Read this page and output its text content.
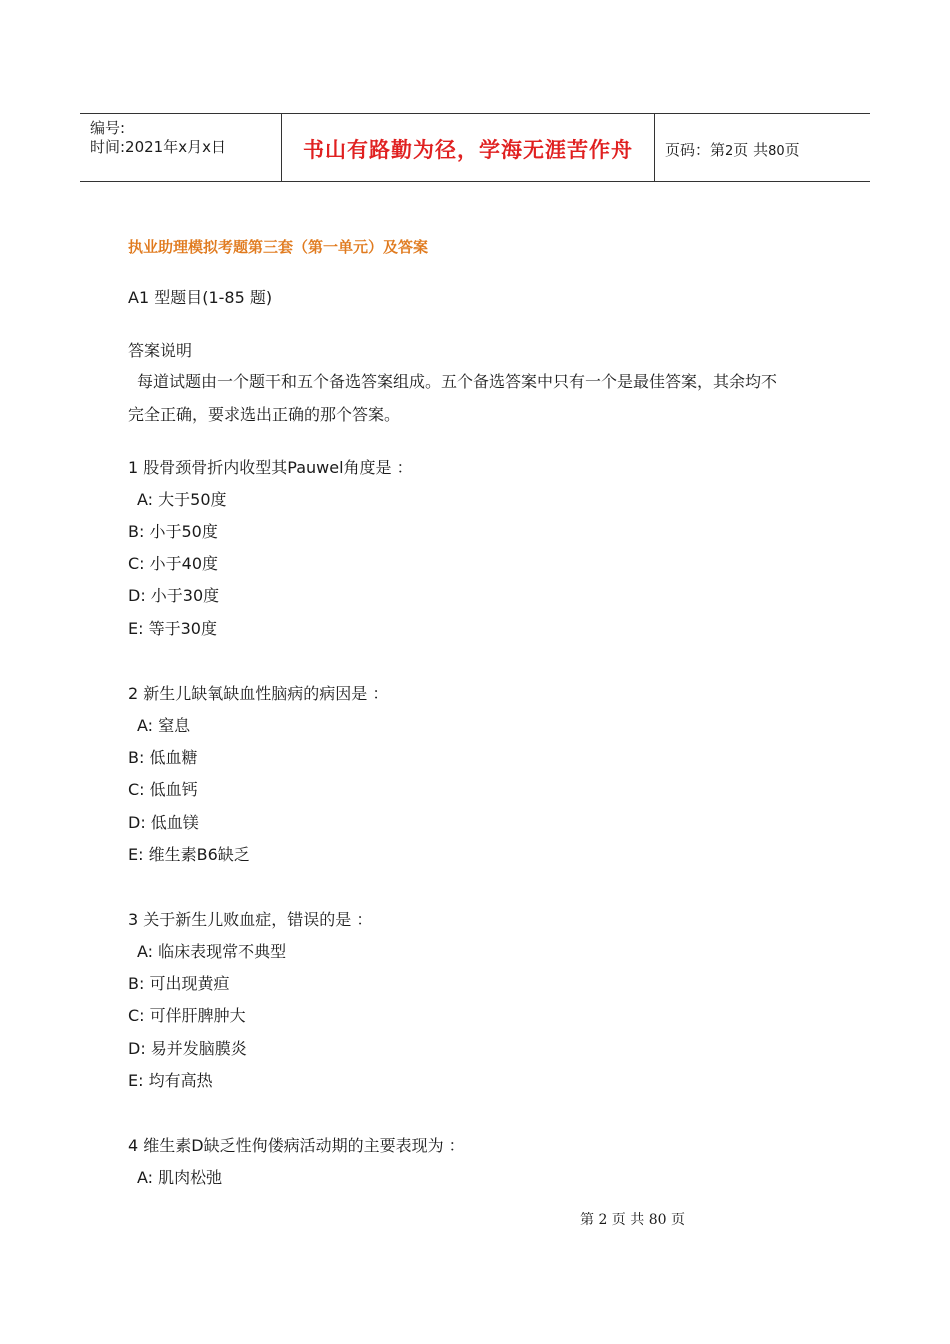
编号:
时间:2021年x月x日	书山有路勤为径，学海无涯苦作舟	页码：第2页 共80页
执业助理模拟考题第三套（第一单元）及答案
A1 型题目(1-85 题)
答案说明
每道试题由一个题干和五个备选答案组成。五个备选答案中只有一个是最佳答案，其余均不
完全正确，要求选出正确的那个答案。
1 股骨颈骨折内收型其Pauwel角度是 ：
A: 大于50度
B: 小于50度
C: 小于40度
D: 小于30度
E: 等于30度
2 新生儿缺氧缺血性脑病的病因是 ：
A: 窒息
B: 低血糖
C: 低血钙
D: 低血镁
E: 维生素B6缺乏
3 关于新生儿败血症，错误的是 ：
A: 临床表现常不典型
B: 可出现黄疸
C: 可伴肝脾肿大
D: 易并发脑膜炎
E: 均有高热
4 维生素D缺乏性佝偻病活动期的主要表现为 ：
A: 肌肉松弛
第 2 页 共 80 页
